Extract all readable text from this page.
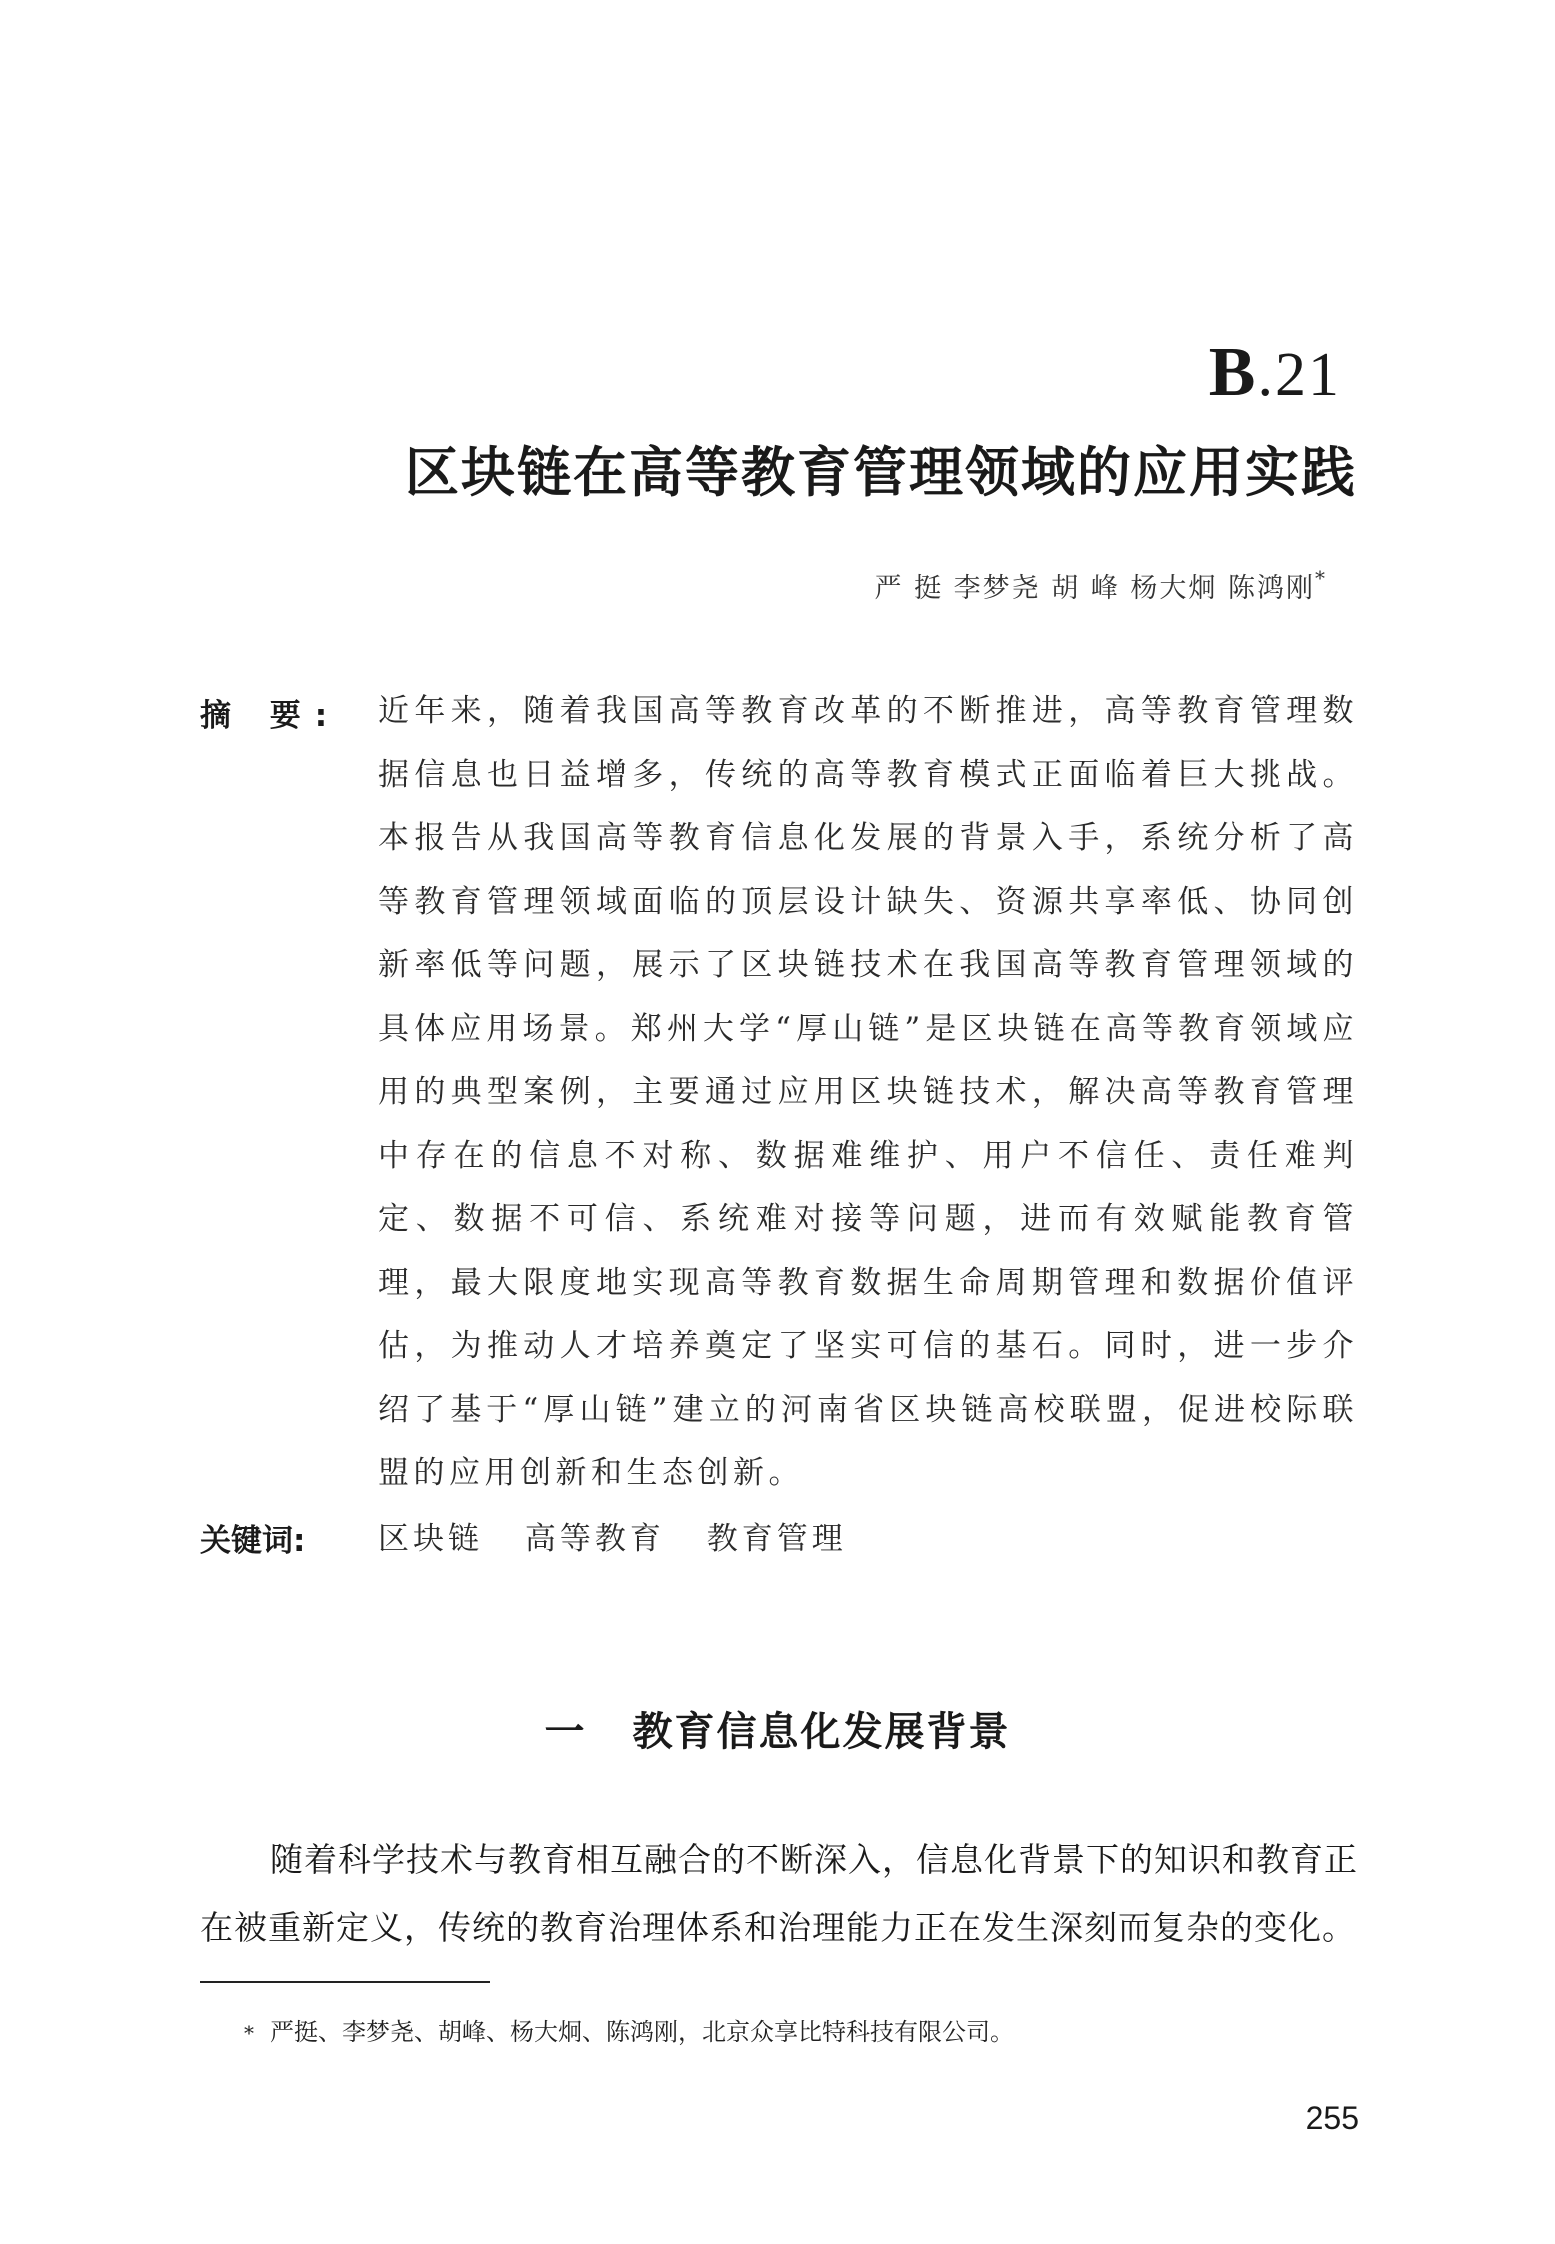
B.21
区块链在高等教育管理领域的应用实践
严 挺 李梦尧 胡 峰 杨大炯 陈鸿刚*
摘 要: 近年来，随着我国高等教育改革的不断推进，高等教育管理数据信息也日益增多，传统的高等教育模式正面临着巨大挑战。本报告从我国高等教育信息化发展的背景入手，系统分析了高等教育管理领域面临的顶层设计缺失、资源共享率低、协同创新率低等问题，展示了区块链技术在我国高等教育管理领域的具体应用场景。郑州大学“厚山链”是区块链在高等教育领域应用的典型案例，主要通过应用区块链技术，解决高等教育管理中存在的信息不对称、数据难维护、用户不信任、责任难判定、数据不可信、系统难对接等问题，进而有效赋能教育管理，最大限度地实现高等教育数据生命周期管理和数据价值评估，为推动人才培养奠定了坚实可信的基石。同时，进一步介绍了基于“厚山链”建立的河南省区块链高校联盟，促进校际联盟的应用创新和生态创新。
关键词: 区块链 高等教育 教育管理
一 教育信息化发展背景
随着科学技术与教育相互融合的不断深入，信息化背景下的知识和教育正在被重新定义，传统的教育治理体系和治理能力正在发生深刻而复杂的变化。
* 严挺、李梦尧、胡峰、杨大炯、陈鸿刚，北京众享比特科技有限公司。
255
